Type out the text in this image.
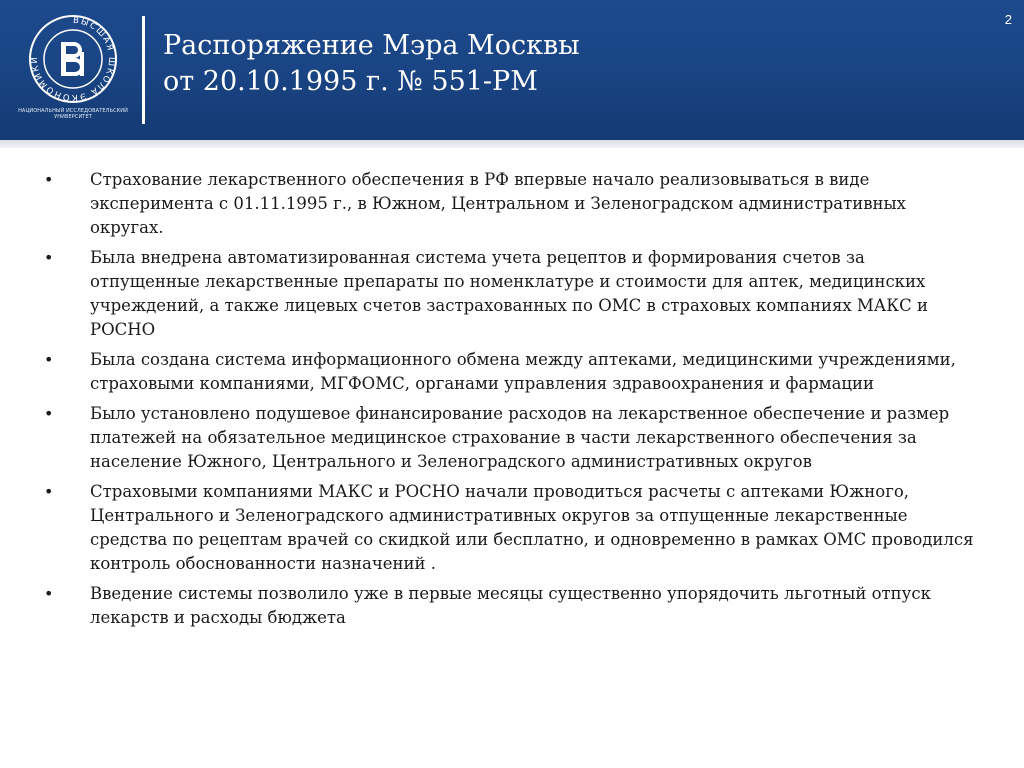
ВЫСШАЯ ШКОЛА ЭКОНОМИКИ
НАЦИОНАЛЬНЫЙ ИССЛЕДОВАТЕЛЬСКИЙ
УНИВЕРСИТЕТ
Распоряжение Мэра Москвы
от 20.10.1995 г. № 551-РМ
2
• Страхование лекарственного обеспечения в РФ впервые начало реализовываться в виде эксперимента с 01.11.1995 г., в Южном, Центральном и Зеленоградском административных округах.
• Была внедрена автоматизированная система учета рецептов и формирования счетов за отпущенные лекарственные препараты по номенклатуре и стоимости для аптек, медицинских учреждений, а также лицевых счетов застрахованных по ОМС в страховых компаниях МАКС и РОСНО
• Была создана система информационного обмена между аптеками, медицинскими учреждениями, страховыми компаниями, МГФОМС, органами управления здравоохранения и фармации
• Было установлено подушевое финансирование расходов на лекарственное обеспечение и размер платежей на обязательное медицинское страхование в части лекарственного обеспечения за население Южного, Центрального и Зеленоградского административных округов
• Страховыми компаниями МАКС и РОСНО начали проводиться расчеты с аптеками Южного, Центрального и Зеленоградского административных округов за отпущенные лекарственные средства по рецептам врачей со скидкой или бесплатно, и одновременно в рамках ОМС проводился контроль обоснованности назначений .
• Введение системы позволило уже в первые месяцы существенно упорядочить льготный отпуск лекарств и расходы бюджета
